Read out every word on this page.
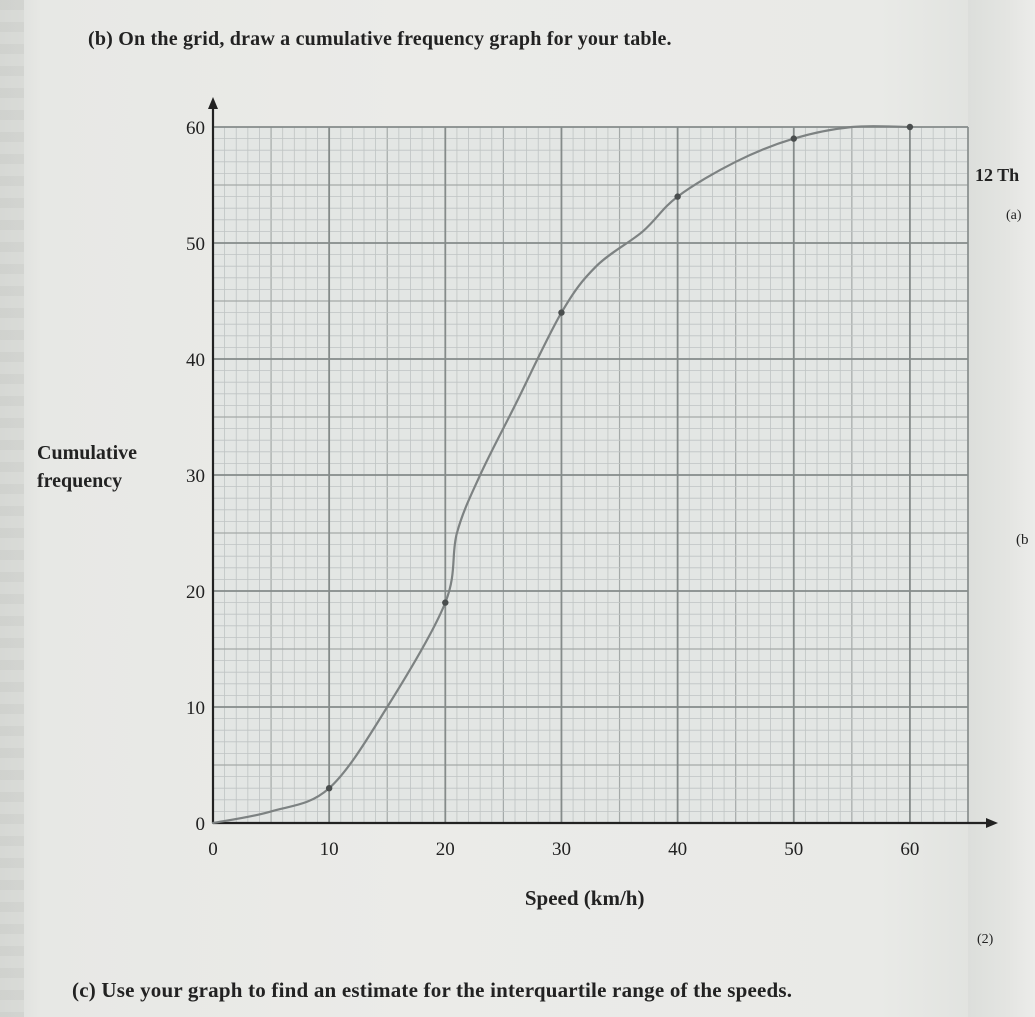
(b) On the grid, draw a cumulative frequency graph for your table.
0	10	20	30	40	50	60
0
10
20
30
40
50
60
Speed (km/h)
Cumulative
frequency
12 Th
(a)
(b
(2)
(c) Use your graph to find an estimate for the interquartile range of the speeds.
